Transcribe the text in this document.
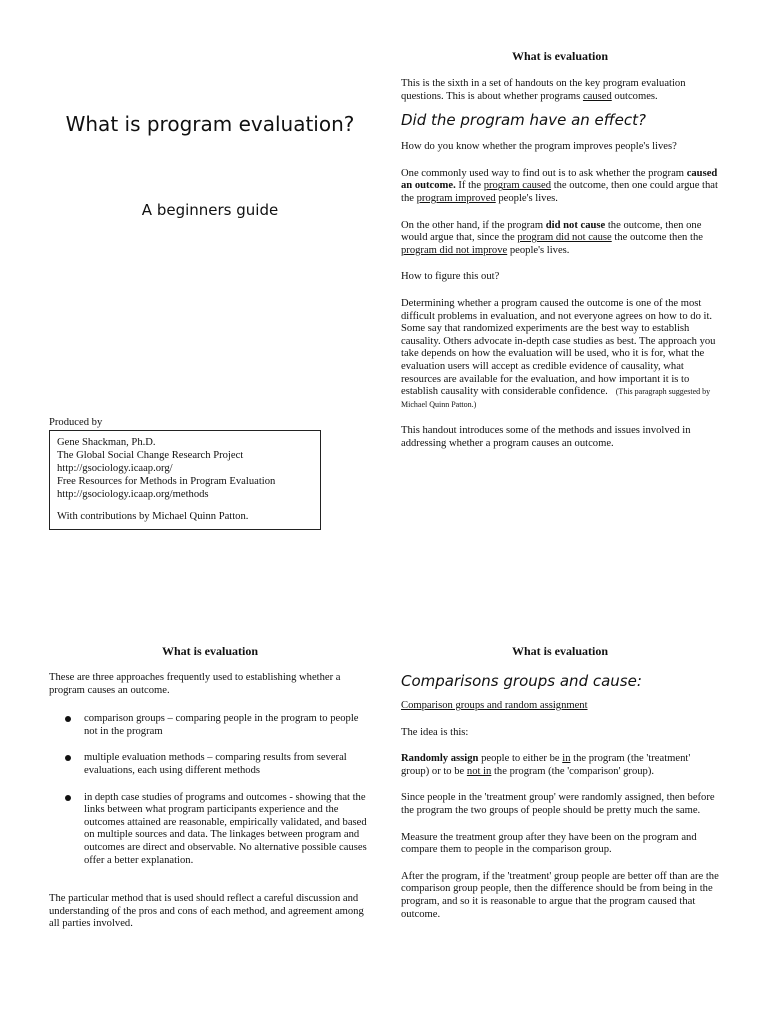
What is program evaluation?
A beginners guide

Produced by

Gene Shackman, Ph.D.

The Global Social Change Research Project

http://gsociology.icaap.org/

Free Resources for Methods in Program Evaluation

http://gsociology.icaap.org/methods

With contributions by Michael Quinn Patton.

What is evaluation

This is the sixth in a set of handouts on the key program evaluation questions. This is about whether programs caused outcomes.

Did the program have an effect?

How do you know whether the program improves people's lives?

One commonly used way to find out is to ask whether the program caused an outcome. If the program caused the outcome, then one could argue that the program improved people's lives.

On the other hand, if the program did not cause the outcome, then one would argue that, since the program did not cause the outcome then the program did not improve people's lives.

How to figure this out?

Determining whether a program caused the outcome is one of the most difficult problems in evaluation, and not everyone agrees on how to do it. Some say that randomized experiments are the best way to establish causality. Others advocate in-depth case studies as best. The approach you take depends on how the evaluation will be used, who it is for, what the evaluation users will accept as credible evidence of causality, what resources are available for the evaluation, and how important it is to establish causality with considerable confidence. (This paragraph suggested by Michael Quinn Patton.)

This handout introduces some of the methods and issues involved in addressing whether a program causes an outcome.

What is evaluation

These are three approaches frequently used to establishing whether a program causes an outcome.

comparison groups – comparing people in the program to people not in the program
multiple evaluation methods – comparing results from several evaluations, each using different methods
in depth case studies of programs and outcomes - showing that the links between what program participants experience and the outcomes attained are reasonable, empirically validated, and based on multiple sources and data. The linkages between program and outcomes are direct and observable. No alternative possible causes offer a better explanation.

The particular method that is used should reflect a careful discussion and understanding of the pros and cons of each method, and agreement among all parties involved.

What is evaluation
Comparisons groups and cause:

Comparison groups and random assignment

The idea is this:

Randomly assign people to either be in the program (the 'treatment' group) or to be not in the program (the 'comparison' group).

Since people in the 'treatment group' were randomly assigned, then before the program the two groups of people should be pretty much the same.

Measure the treatment group after they have been on the program and compare them to people in the comparison group.

After the program, if the 'treatment' group people are better off than are the comparison group people, then the difference should be from being in the program, and so it is reasonable to argue that the program caused that outcome.
